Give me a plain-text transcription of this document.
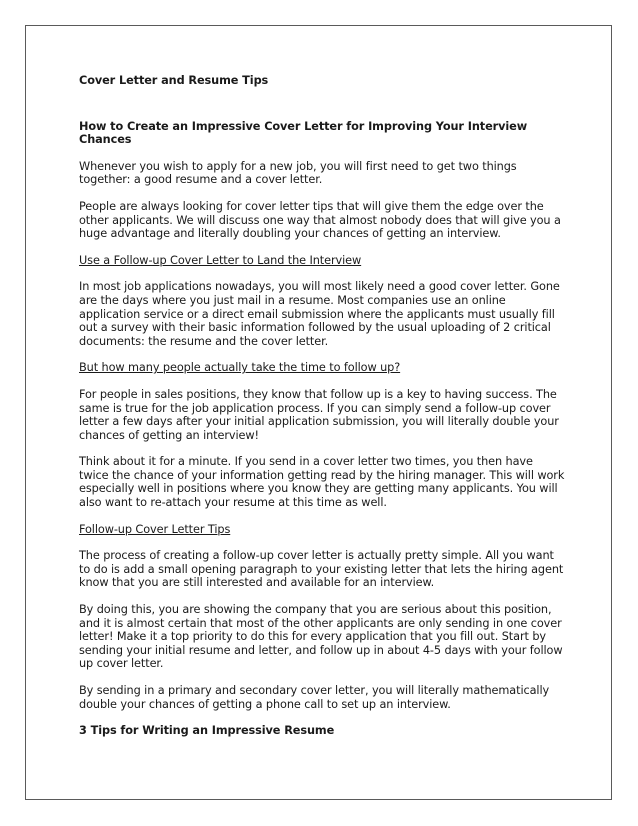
Cover Letter and Resume Tips
How to Create an Impressive Cover Letter for Improving Your Interview Chances
Whenever you wish to apply for a new job, you will first need to get two things together: a good resume and a cover letter.
People are always looking for cover letter tips that will give them the edge over the other applicants. We will discuss one way that almost nobody does that will give you a huge advantage and literally doubling your chances of getting an interview.
Use a Follow-up Cover Letter to Land the Interview
In most job applications nowadays, you will most likely need a good cover letter. Gone are the days where you just mail in a resume. Most companies use an online application service or a direct email submission where the applicants must usually fill out a survey with their basic information followed by the usual uploading of 2 critical documents: the resume and the cover letter.
But how many people actually take the time to follow up?
For people in sales positions, they know that follow up is a key to having success. The same is true for the job application process. If you can simply send a follow-up cover letter a few days after your initial application submission, you will literally double your chances of getting an interview!
Think about it for a minute. If you send in a cover letter two times, you then have twice the chance of your information getting read by the hiring manager. This will work especially well in positions where you know they are getting many applicants. You will also want to re-attach your resume at this time as well.
Follow-up Cover Letter Tips
The process of creating a follow-up cover letter is actually pretty simple. All you want to do is add a small opening paragraph to your existing letter that lets the hiring agent know that you are still interested and available for an interview.
By doing this, you are showing the company that you are serious about this position, and it is almost certain that most of the other applicants are only sending in one cover letter! Make it a top priority to do this for every application that you fill out. Start by sending your initial resume and letter, and follow up in about 4-5 days with your follow up cover letter.
By sending in a primary and secondary cover letter, you will literally mathematically double your chances of getting a phone call to set up an interview.
3 Tips for Writing an Impressive Resume
